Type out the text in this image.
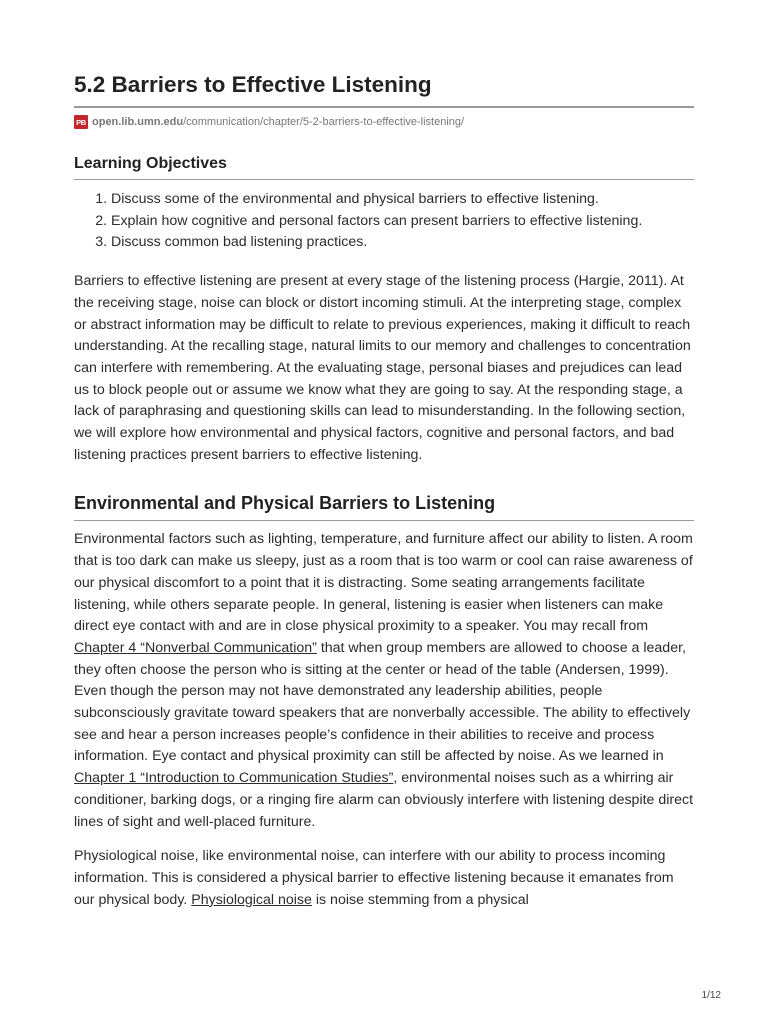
5.2 Barriers to Effective Listening
PB open.lib.umn.edu /communication/chapter/5-2-barriers-to-effective-listening/
Learning Objectives
1. Discuss some of the environmental and physical barriers to effective listening.
2. Explain how cognitive and personal factors can present barriers to effective listening.
3. Discuss common bad listening practices.

Barriers to effective listening are present at every stage of the listening process (Hargie, 2011). At the receiving stage, noise can block or distort incoming stimuli. At the interpreting stage, complex or abstract information may be difficult to relate to previous experiences, making it difficult to reach understanding. At the recalling stage, natural limits to our memory and challenges to concentration can interfere with remembering. At the evaluating stage, personal biases and prejudices can lead us to block people out or assume we know what they are going to say. At the responding stage, a lack of paraphrasing and questioning skills can lead to misunderstanding. In the following section, we will explore how environmental and physical factors, cognitive and personal factors, and bad listening practices present barriers to effective listening.

Environmental and Physical Barriers to Listening

Environmental factors such as lighting, temperature, and furniture affect our ability to listen. A room that is too dark can make us sleepy, just as a room that is too warm or cool can raise awareness of our physical discomfort to a point that it is distracting. Some seating arrangements facilitate listening, while others separate people. In general, listening is easier when listeners can make direct eye contact with and are in close physical proximity to a speaker. You may recall from Chapter 4 “Nonverbal Communication” that when group members are allowed to choose a leader, they often choose the person who is sitting at the center or head of the table (Andersen, 1999). Even though the person may not have demonstrated any leadership abilities, people subconsciously gravitate toward speakers that are nonverbally accessible. The ability to effectively see and hear a person increases people’s confidence in their abilities to receive and process information. Eye contact and physical proximity can still be affected by noise. As we learned in Chapter 1 “Introduction to Communication Studies”, environmental noises such as a whirring air conditioner, barking dogs, or a ringing fire alarm can obviously interfere with listening despite direct lines of sight and well-placed furniture.

Physiological noise, like environmental noise, can interfere with our ability to process incoming information. This is considered a physical barrier to effective listening because it emanates from our physical body. Physiological noise is noise stemming from a physical

1/12
